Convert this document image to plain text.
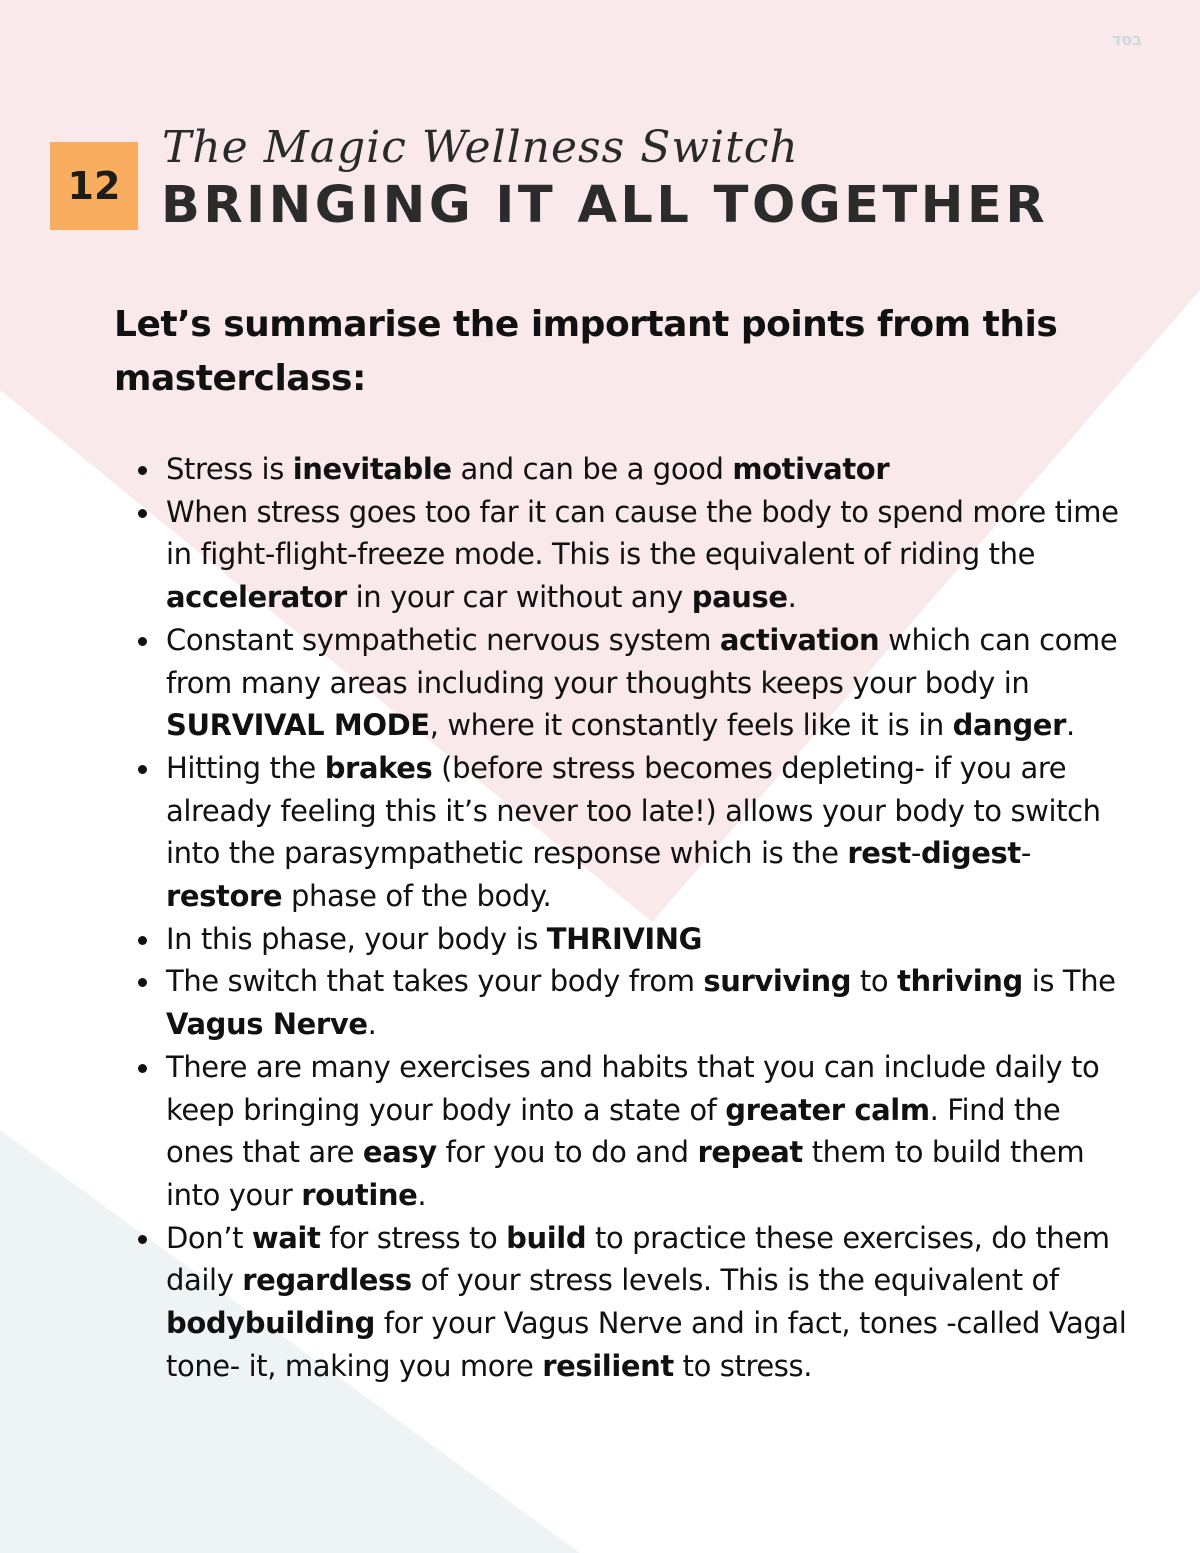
בסד
12
The Magic Wellness Switch
BRINGING IT ALL TOGETHER

Let’s summarise the important points from this masterclass:

Stress is inevitable and can be a good motivator
When stress goes too far it can cause the body to spend more time in fight-flight-freeze mode. This is the equivalent of riding the accelerator in your car without any pause.
Constant sympathetic nervous system activation which can come from many areas including your thoughts keeps your body in SURVIVAL MODE, where it constantly feels like it is in danger.
Hitting the brakes (before stress becomes depleting- if you are already feeling this it’s never too late!) allows your body to switch into the parasympathetic response which is the rest-digest-restore phase of the body.
In this phase, your body is THRIVING
The switch that takes your body from surviving to thriving is The Vagus Nerve.
There are many exercises and habits that you can include daily to keep bringing your body into a state of greater calm. Find the ones that are easy for you to do and repeat them to build them into your routine.
Don’t wait for stress to build to practice these exercises, do them daily regardless of your stress levels. This is the equivalent of bodybuilding for your Vagus Nerve and in fact, tones -called Vagal tone- it, making you more resilient to stress.
